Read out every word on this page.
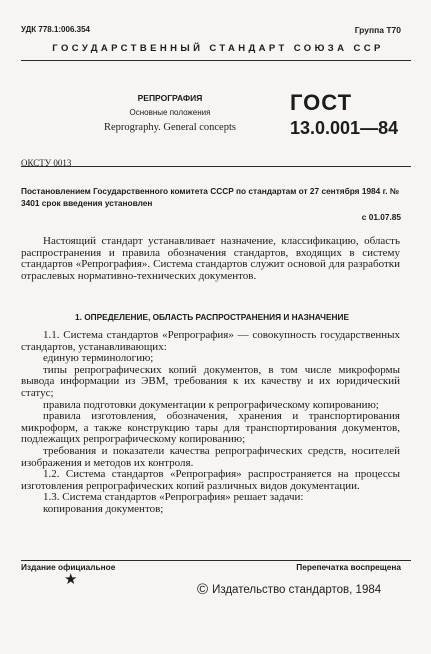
УДК 778.1:006.354	Группа Т70
ГОСУДАРСТВЕННЫЙ СТАНДАРТ СОЮЗА ССР
РЕПРОГРАФИЯ
Основные положения
Reprography. General concepts
ГОСТ
13.0.001—84
ОКСТУ 0013
Постановлением Государственного комитета СССР по стандартам от 27 сентября 1984 г. № 3401 срок введения установлен
с 01.07.85

Настоящий стандарт устанавливает назначение, классификацию, область распространения и правила обозначения стандартов, входящих в систему стандартов «Репрография». Система стандартов служит основой для разработки отраслевых нормативно-технических документов.

1. ОПРЕДЕЛЕНИЕ, ОБЛАСТЬ РАСПРОСТРАНЕНИЯ И НАЗНАЧЕНИЕ

1.1. Система стандартов «Репрография» — совокупность государственных стандартов, устанавливающих:

единую терминологию;

типы репрографических копий документов, в том числе микроформы вывода информации из ЭВМ, требования к их качеству и их юридический статус;

правила подготовки документации к репрографическому копированию;

правила изготовления, обозначения, хранения и транспортирования микроформ, а также конструкцию тары для транспортирования документов, подлежащих репрографическому копированию;

требования и показатели качества репрографических средств, носителей изображения и методов их контроля.

1.2. Система стандартов «Репрография» распространяется на процессы изготовления репрографических копий различных видов документации.

1.3. Система стандартов «Репрография» решает задачи:

копирования документов;

Издание официальное	Перепечатка воспрещена
★
© Издательство стандартов, 1984
